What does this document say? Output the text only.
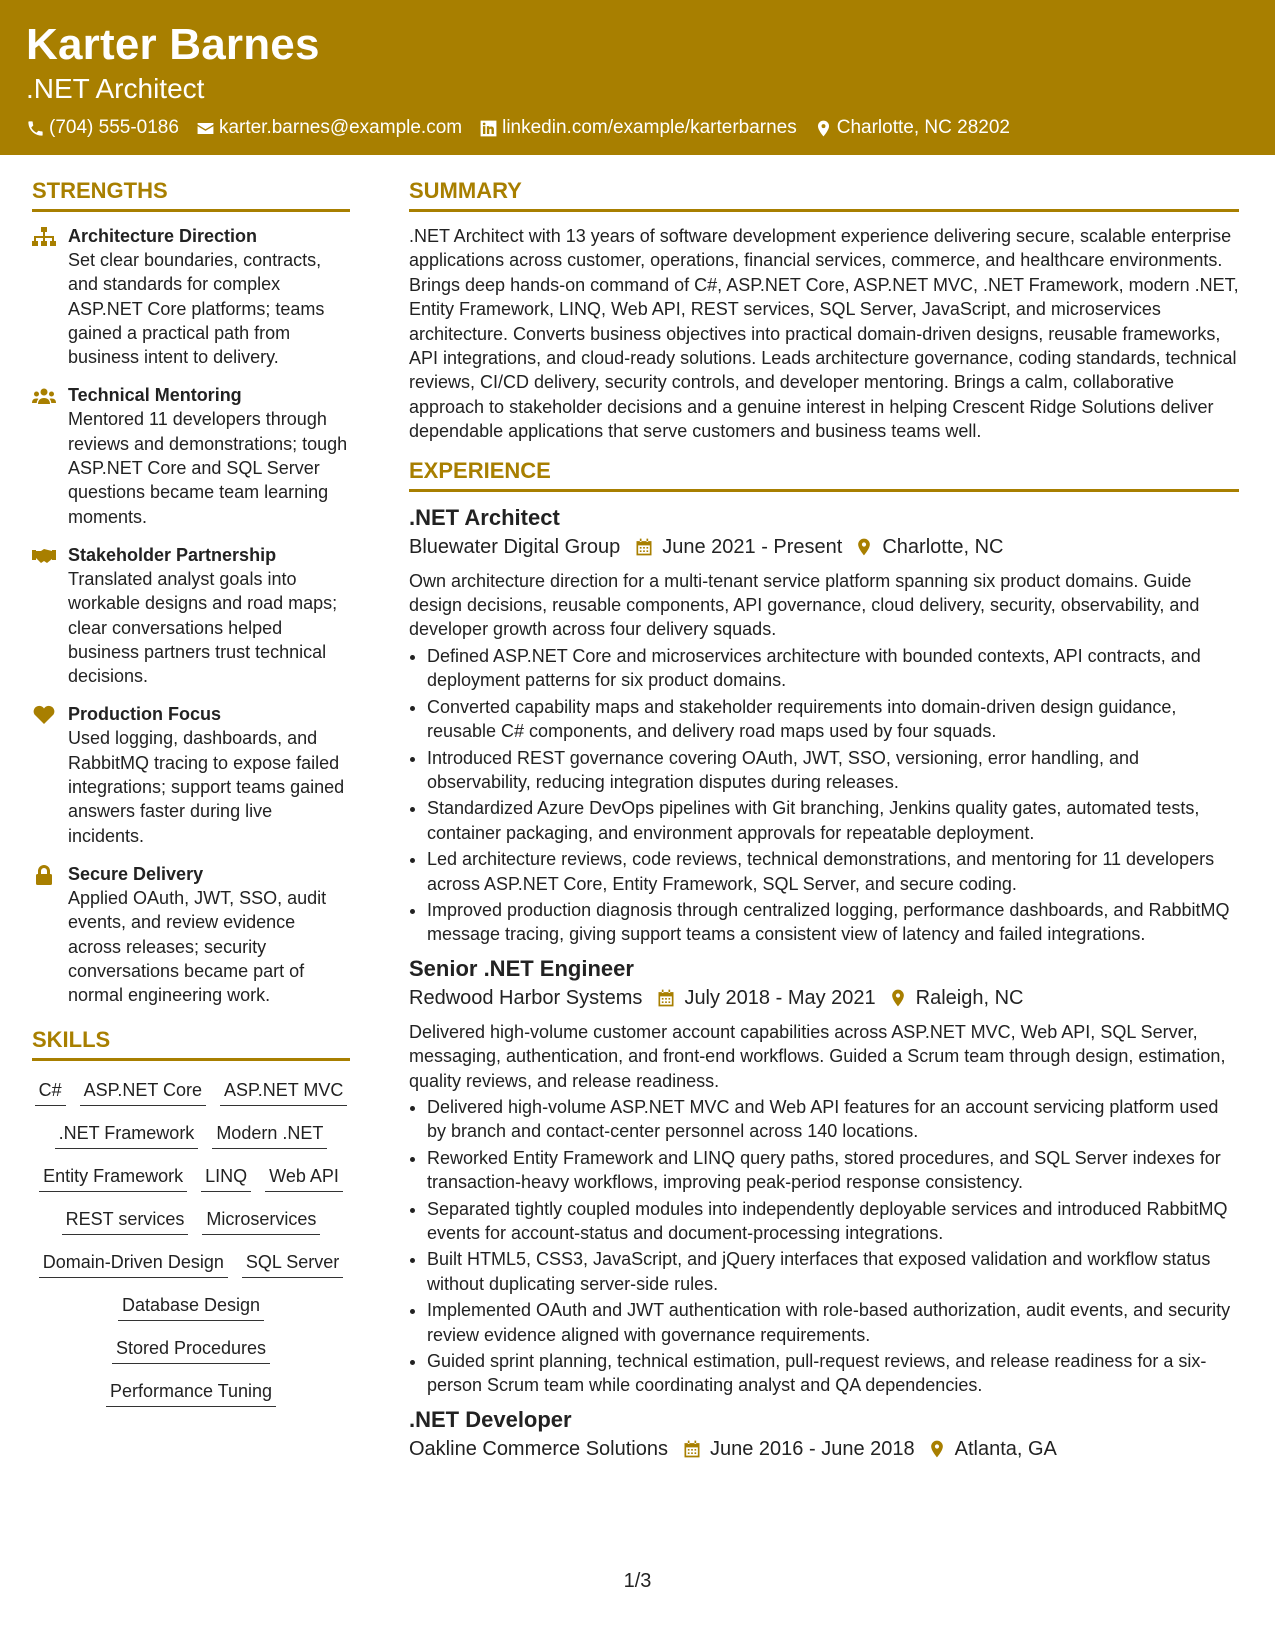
Karter Barnes
.NET Architect
(704) 555-0186 karter.barnes@example.com linkedin.com/example/karterbarnes Charlotte, NC 28202
STRENGTHS
Architecture Direction
Set clear boundaries, contracts, and standards for complex ASP.NET Core platforms; teams gained a practical path from business intent to delivery.
Technical Mentoring
Mentored 11 developers through reviews and demonstrations; tough ASP.NET Core and SQL Server questions became team learning moments.
Stakeholder Partnership
Translated analyst goals into workable designs and road maps; clear conversations helped business partners trust technical decisions.
Production Focus
Used logging, dashboards, and RabbitMQ tracing to expose failed integrations; support teams gained answers faster during live incidents.
Secure Delivery
Applied OAuth, JWT, SSO, audit events, and review evidence across releases; security conversations became part of normal engineering work.
SKILLS
C# ASP.NET Core ASP.NET MVC
.NET Framework Modern .NET
Entity Framework LINQ Web API
REST services Microservices
Domain-Driven Design SQL Server
Database Design
Stored Procedures
Performance Tuning
SUMMARY
.NET Architect with 13 years of software development experience delivering secure, scalable enterprise applications across customer, operations, financial services, commerce, and healthcare environments. Brings deep hands-on command of C#, ASP.NET Core, ASP.NET MVC, .NET Framework, modern .NET, Entity Framework, LINQ, Web API, REST services, SQL Server, JavaScript, and microservices architecture. Converts business objectives into practical domain-driven designs, reusable frameworks, API integrations, and cloud-ready solutions. Leads architecture governance, coding standards, technical reviews, CI/CD delivery, security controls, and developer mentoring. Brings a calm, collaborative approach to stakeholder decisions and a genuine interest in helping Crescent Ridge Solutions deliver dependable applications that serve customers and business teams well.
EXPERIENCE
.NET Architect
Bluewater Digital Group June 2021 - Present Charlotte, NC
Own architecture direction for a multi-tenant service platform spanning six product domains. Guide design decisions, reusable components, API governance, cloud delivery, security, observability, and developer growth across four delivery squads.
• Defined ASP.NET Core and microservices architecture with bounded contexts, API contracts, and deployment patterns for six product domains.
• Converted capability maps and stakeholder requirements into domain-driven design guidance, reusable C# components, and delivery road maps used by four squads.
• Introduced REST governance covering OAuth, JWT, SSO, versioning, error handling, and observability, reducing integration disputes during releases.
• Standardized Azure DevOps pipelines with Git branching, Jenkins quality gates, automated tests, container packaging, and environment approvals for repeatable deployment.
• Led architecture reviews, code reviews, technical demonstrations, and mentoring for 11 developers across ASP.NET Core, Entity Framework, SQL Server, and secure coding.
• Improved production diagnosis through centralized logging, performance dashboards, and RabbitMQ message tracing, giving support teams a consistent view of latency and failed integrations.
Senior .NET Engineer
Redwood Harbor Systems July 2018 - May 2021 Raleigh, NC
Delivered high-volume customer account capabilities across ASP.NET MVC, Web API, SQL Server, messaging, authentication, and front-end workflows. Guided a Scrum team through design, estimation, quality reviews, and release readiness.
• Delivered high-volume ASP.NET MVC and Web API features for an account servicing platform used by branch and contact-center personnel across 140 locations.
• Reworked Entity Framework and LINQ query paths, stored procedures, and SQL Server indexes for transaction-heavy workflows, improving peak-period response consistency.
• Separated tightly coupled modules into independently deployable services and introduced RabbitMQ events for account-status and document-processing integrations.
• Built HTML5, CSS3, JavaScript, and jQuery interfaces that exposed validation and workflow status without duplicating server-side rules.
• Implemented OAuth and JWT authentication with role-based authorization, audit events, and security review evidence aligned with governance requirements.
• Guided sprint planning, technical estimation, pull-request reviews, and release readiness for a six-person Scrum team while coordinating analyst and QA dependencies.
.NET Developer
Oakline Commerce Solutions June 2016 - June 2018 Atlanta, GA
1/3
